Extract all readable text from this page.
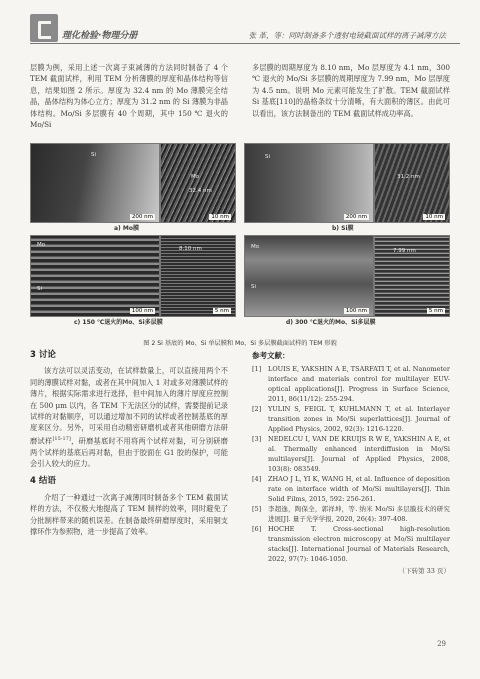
理化检验·物理分册	张 革，等：同时制备多个透射电镜截面试样的离子减薄方法

层膜为例，采用上述一次离子束减薄的方法同时制备了 4 个 TEM 截面试样，利用 TEM 分析薄膜的厚度和晶体结构等信息，结果如图 2 所示。厚度为 32.4 nm 的 Mo 薄膜完全结晶，晶体结构为体心立方；厚度为 31.2 nm 的 Si 薄膜为非晶体结构。Mo/Si 多层膜有 40 个周期，其中 150 ℃ 退火的 Mo/Si

多层膜的周期厚度为 8.10 nm，Mo 层厚度为 4.1 nm，300 ℃ 退火的 Mo/Si 多层膜的周期厚度为 7.99 nm，Mo 层厚度为 4.5 nm。说明 Mo 元素可能发生了扩散。TEM 截面试样 Si 基底[110]的晶格条纹十分清晰，有大面积的薄区。由此可以看出，该方法制备出的 TEM 截面试样成功率高。

Si
200 nm
Mo
32.4 nm
10 nm
a) Mo膜
Si
200 nm
31.2 nm
10 nm
b) Si膜
Mo
Si
100 nm
8.10 nm
5 nm
c) 150 ℃退火的Mo、Si多层膜
Mo
Si
100 nm
7.99 nm
5 nm
d) 300 ℃退火的Mo、Si多层膜
图 2 Si 基底的 Mo、Si 单层膜和 Mo、Si 多层膜截面试样的 TEM 形貌
3 讨论

该方法可以灵活变动，在试样数量上，可以直接用两个不同的薄膜试样对黏，或者在其中间加入 1 对或多对薄膜试样的薄片，根据实际需求进行选择，但中间加入的薄片厚度应控制在 500 μm 以内，各 TEM 下无法区分的试样，需要提前记录试样的对黏顺序，可以通过增加不同的试样或者控制基底的厚度来区分。另外，可采用自动精密研磨机或者其他研磨方法研磨试样[15-17]，研磨基底时不用将两个试样对黏，可分别研磨两个试样的基底后再对黏，但由于胶面在 G1 胶的保护，可能会引入较大的应力。

4 结语

介绍了一种通过一次离子减薄同时制备多个 TEM 截面试样的方法，不仅极大地提高了 TEM 制样的效率，同时避免了分批制样带来的随机误差。在制备最终研磨厚度时，采用铜支撑环作为参照物，进一步提高了效率。

参考文献：
[1]	LOUIS E, YAKSHIN A E, TSARFATI T, et al. Nanometer interface and materials control for multilayer EUV-optical applications[J]. Progress in Surface Science, 2011, 86(11/12): 255-294.
[2]	YULIN S, FEIGL T, KUHLMANN T, et al. Interlayer transition zones in Mo/Si superlattices[J]. Journal of Applied Physics, 2002, 92(3): 1216-1220.
[3]	NEDELCU I, VAN DE KRUIJS R W E, YAKSHIN A E, et al. Thermally enhanced interdiffusion in Mo/Si multilayers[J]. Journal of Applied Physics, 2008, 103(8): 083549.
[4]	ZHAO J L, YI K, WANG H, et al. Influence of deposition rate on interface width of Mo/Si multilayers[J]. Thin Solid Films, 2015, 592: 256-261.
[5]	李超逸，陶保全，郭祥坤，等. 纳米 Mo/Si 多层膜技术的研究进展[J]. 量子光学学报, 2020, 26(4): 397-408.
[6]	HOCHE T. Cross-sectional high-resolution transmission electron microscopy at Mo/Si multilayer stacks[J]. International Journal of Materials Research, 2022, 97(7): 1046-1050.
（下转第 33 页）
29
